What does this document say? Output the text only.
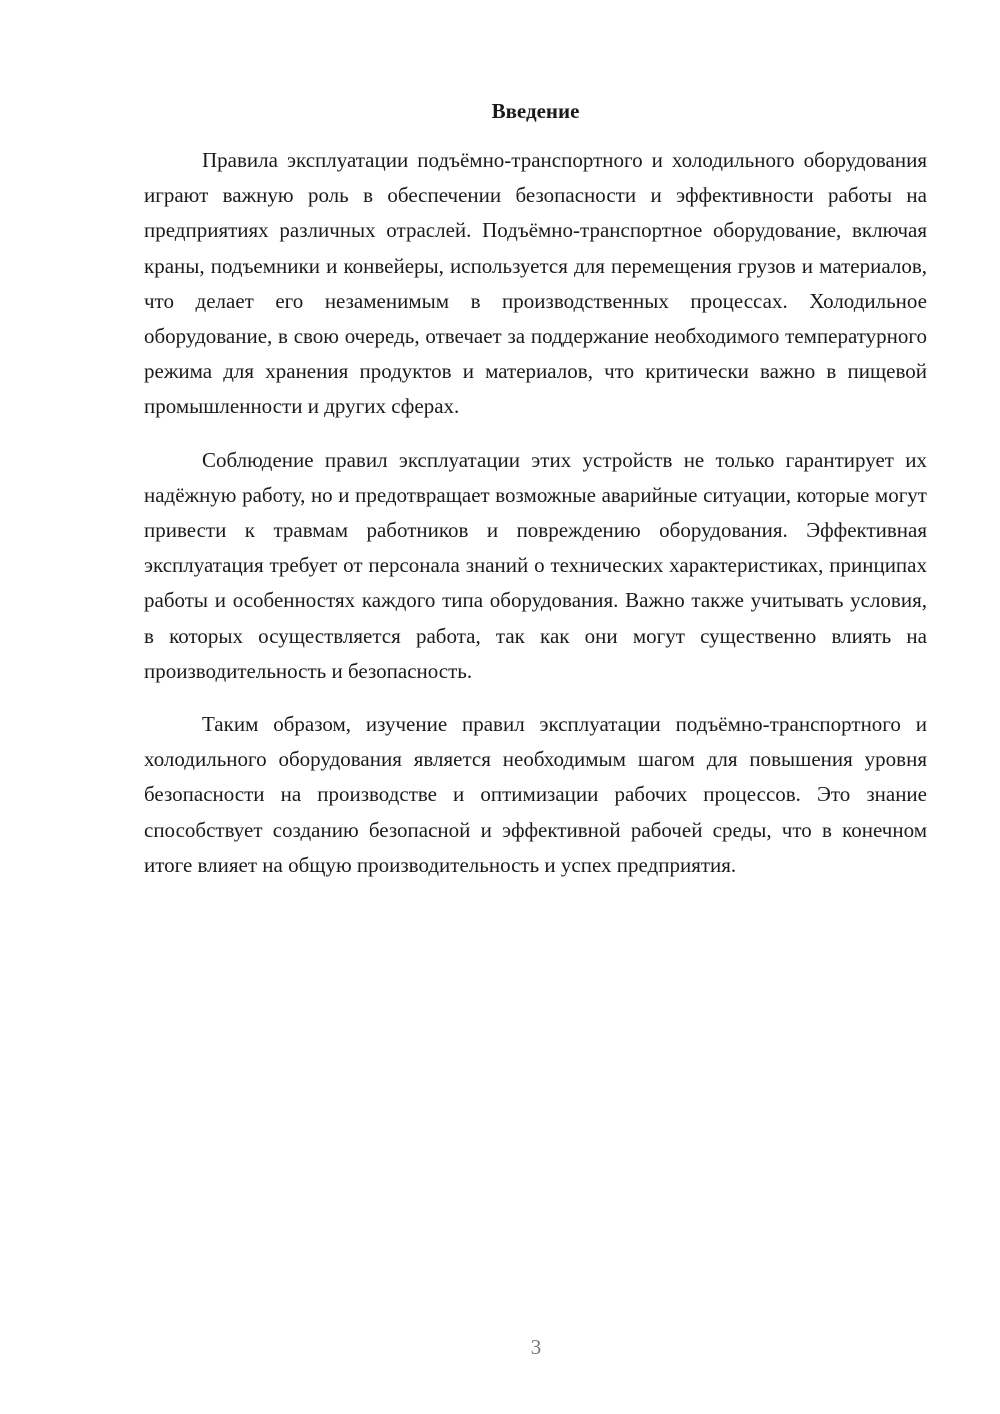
Введение

Правила эксплуатации подъёмно-транспортного и холодильного оборудования играют важную роль в обеспечении безопасности и эффективности работы на предприятиях различных отраслей. Подъёмно-транспортное оборудование, включая краны, подъемники и конвейеры, используется для перемещения грузов и материалов, что делает его незаменимым в производственных процессах. Холодильное оборудование, в свою очередь, отвечает за поддержание необходимого температурного режима для хранения продуктов и материалов, что критически важно в пищевой промышленности и других сферах.

Соблюдение правил эксплуатации этих устройств не только гарантирует их надёжную работу, но и предотвращает возможные аварийные ситуации, которые могут привести к травмам работников и повреждению оборудования. Эффективная эксплуатация требует от персонала знаний о технических характеристиках, принципах работы и особенностях каждого типа оборудования. Важно также учитывать условия, в которых осуществляется работа, так как они могут существенно влиять на производительность и безопасность.

Таким образом, изучение правил эксплуатации подъёмно-транспортного и холодильного оборудования является необходимым шагом для повышения уровня безопасности на производстве и оптимизации рабочих процессов. Это знание способствует созданию безопасной и эффективной рабочей среды, что в конечном итоге влияет на общую производительность и успех предприятия.

3
